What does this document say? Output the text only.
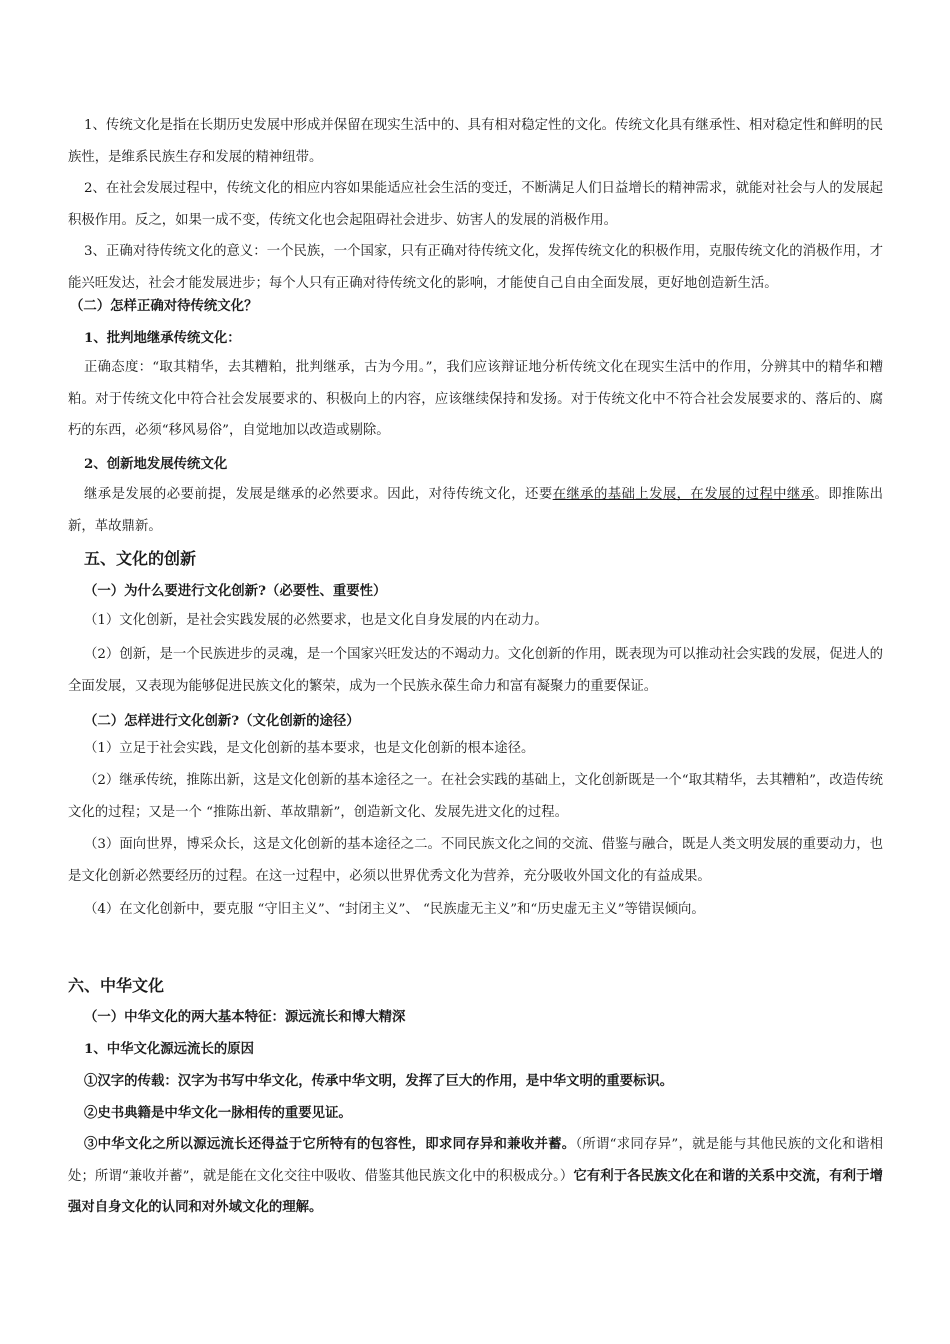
1、传统文化是指在长期历史发展中形成并保留在现实生活中的、具有相对稳定性的文化。传统文化具有继承性、相对稳定性和鲜明的民族性，是维系民族生存和发展的精神纽带。

2、在社会发展过程中，传统文化的相应内容如果能适应社会生活的变迁，不断满足人们日益增长的精神需求，就能对社会与人的发展起积极作用。反之，如果一成不变，传统文化也会起阻碍社会进步、妨害人的发展的消极作用。

3、正确对待传统文化的意义：一个民族，一个国家，只有正确对待传统文化，发挥传统文化的积极作用，克服传统文化的消极作用，才能兴旺发达，社会才能发展进步；每个人只有正确对待传统文化的影响，才能使自己自由全面发展，更好地创造新生活。

（二）怎样正确对待传统文化？

1、批判地继承传统文化：

正确态度：“取其精华，去其糟粕，批判继承，古为今用。”，我们应该辩证地分析传统文化在现实生活中的作用，分辨其中的精华和糟粕。对于传统文化中符合社会发展要求的、积极向上的内容，应该继续保持和发扬。对于传统文化中不符合社会发展要求的、落后的、腐朽的东西，必须“移风易俗”，自觉地加以改造或剔除。

2、创新地发展传统文化

继承是发展的必要前提，发展是继承的必然要求。因此，对待传统文化，还要在继承的基础上发展，在发展的过程中继承。即推陈出新，革故鼎新。

五、文化的创新

（一）为什么要进行文化创新?（必要性、重要性）

（1）文化创新，是社会实践发展的必然要求，也是文化自身发展的内在动力。

（2）创新，是一个民族进步的灵魂，是一个国家兴旺发达的不竭动力。文化创新的作用，既表现为可以推动社会实践的发展，促进人的全面发展，又表现为能够促进民族文化的繁荣，成为一个民族永葆生命力和富有凝聚力的重要保证。

（二）怎样进行文化创新?（文化创新的途径）

（1）立足于社会实践，是文化创新的基本要求，也是文化创新的根本途径。

（2）继承传统，推陈出新，这是文化创新的基本途径之一。在社会实践的基础上，文化创新既是一个“取其精华，去其糟粕”，改造传统文化的过程；又是一个 “推陈出新、革故鼎新”，创造新文化、发展先进文化的过程。

（3）面向世界，博采众长，这是文化创新的基本途径之二。不同民族文化之间的交流、借鉴与融合，既是人类文明发展的重要动力，也是文化创新必然要经历的过程。在这一过程中，必须以世界优秀文化为营养，充分吸收外国文化的有益成果。

（4）在文化创新中，要克服 “守旧主义”、“封闭主义”、 “民族虚无主义”和“历史虚无主义”等错误倾向。

六、中华文化

（一）中华文化的两大基本特征：源远流长和博大精深

1、中华文化源远流长的原因

①汉字的传载：汉字为书写中华文化，传承中华文明，发挥了巨大的作用，是中华文明的重要标识。

②史书典籍是中华文化一脉相传的重要见证。

③中华文化之所以源远流长还得益于它所特有的包容性，即求同存异和兼收并蓄。（所谓“求同存异”，就是能与其他民族的文化和谐相处；所谓“兼收并蓄”，就是能在文化交往中吸收、借鉴其他民族文化中的积极成分。）它有利于各民族文化在和谐的关系中交流，有利于增强对自身文化的认同和对外域文化的理解。
